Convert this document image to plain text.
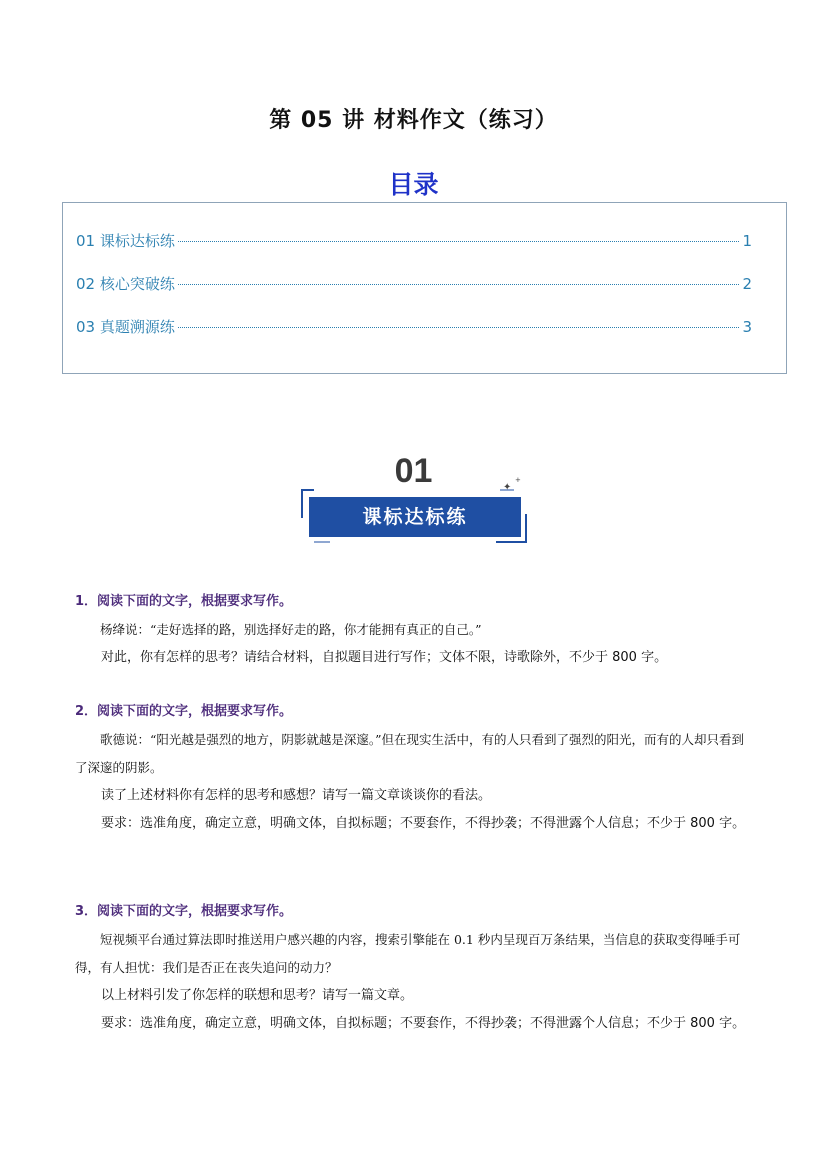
第 05 讲 材料作文（练习）
目录
01 课标达标练	1
02 核心突破练	2
03 真题溯源练	3
01
课标达标练
✦
+

1．阅读下面的文字，根据要求写作。

杨绛说：“走好选择的路，别选择好走的路，你才能拥有真正的自己。”

对此，你有怎样的思考？请结合材料，自拟题目进行写作；文体不限，诗歌除外，不少于 800 字。

2．阅读下面的文字，根据要求写作。

歌德说：“阳光越是强烈的地方，阴影就越是深邃。”但在现实生活中，有的人只看到了强烈的阳光，而有的人却只看到了深邃的阴影。

读了上述材料你有怎样的思考和感想？请写一篇文章谈谈你的看法。

要求：选准角度，确定立意，明确文体，自拟标题；不要套作，不得抄袭；不得泄露个人信息；不少于 800 字。

3．阅读下面的文字，根据要求写作。

短视频平台通过算法即时推送用户感兴趣的内容，搜索引擎能在 0.1 秒内呈现百万条结果，当信息的获取变得唾手可得，有人担忧：我们是否正在丧失追问的动力？

以上材料引发了你怎样的联想和思考？请写一篇文章。

要求：选准角度，确定立意，明确文体，自拟标题；不要套作，不得抄袭；不得泄露个人信息；不少于 800 字。
